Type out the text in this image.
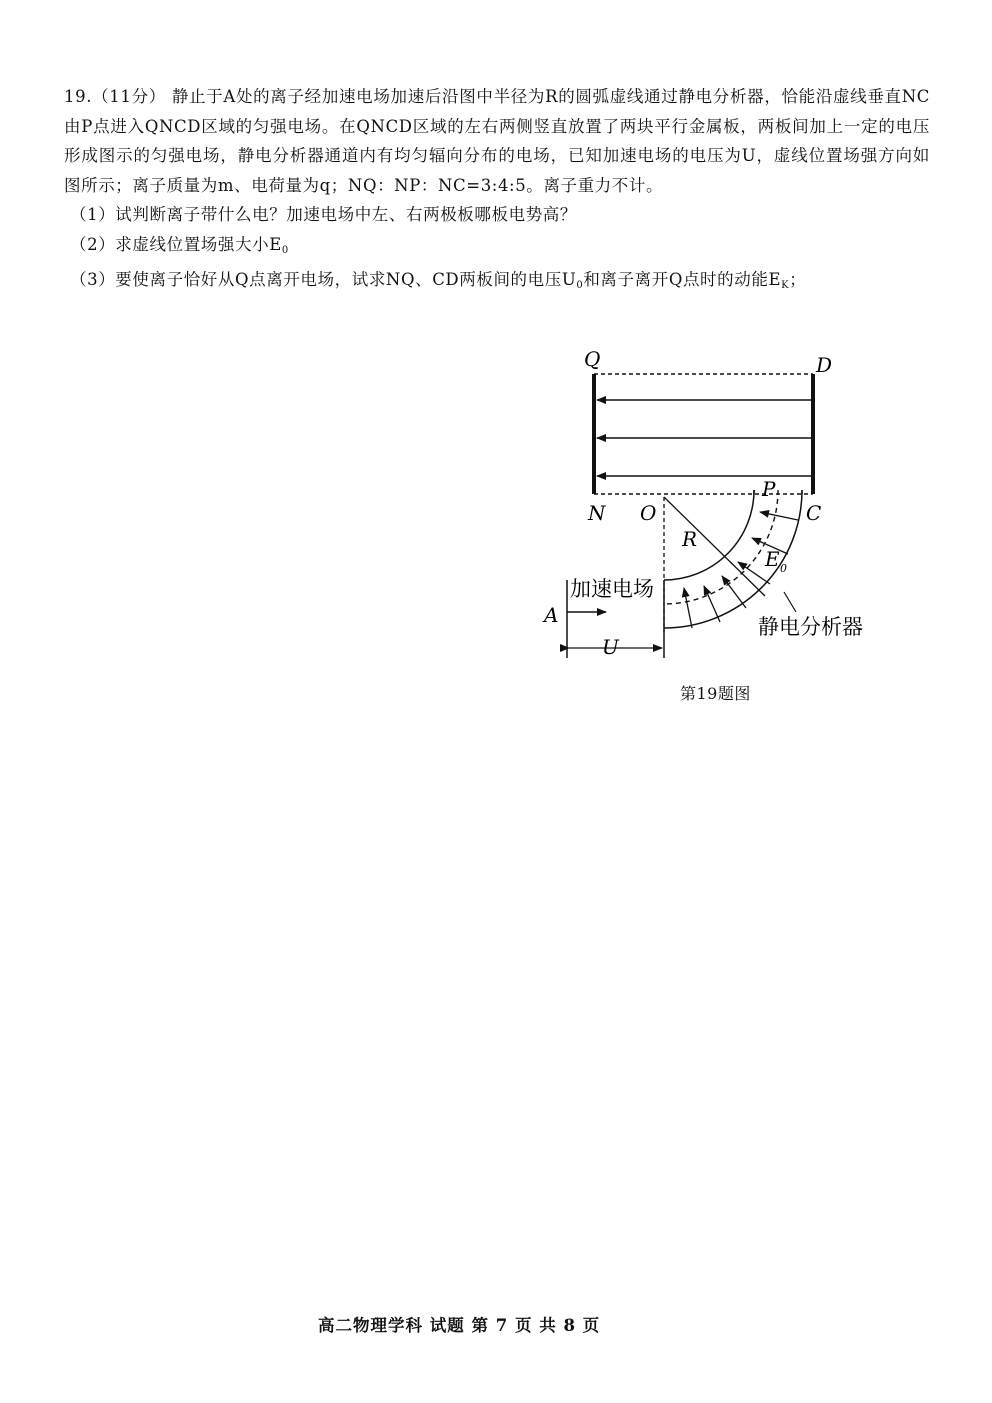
19.（11分） 静止于A处的离子经加速电场加速后沿图中半径为R的圆弧虚线通过静电分析器，恰能沿虚线垂直NC由P点进入QNCD区域的匀强电场。在QNCD区域的左右两侧竖直放置了两块平行金属板，两板间加上一定的电压形成图示的匀强电场，静电分析器通道内有均匀辐向分布的电场，已知加速电场的电压为U，虚线位置场强方向如图所示；离子质量为m、电荷量为q；NQ：NP：NC=3:4:5。离子重力不计。

（1）试判断离子带什么电？加速电场中左、右两极板哪板电势高？

（2）求虚线位置场强大小$E_0$

（3）要使离子恰好从Q点离开电场，试求NQ、CD两板间的电压$U_0$和离子离开Q点时的动能$E_K$；

Q	D
N O
P
C
R
E 0
A
U
加速电场
静电分析器
第19题图
高二物理学科 试题 第 7 页 共 8 页
